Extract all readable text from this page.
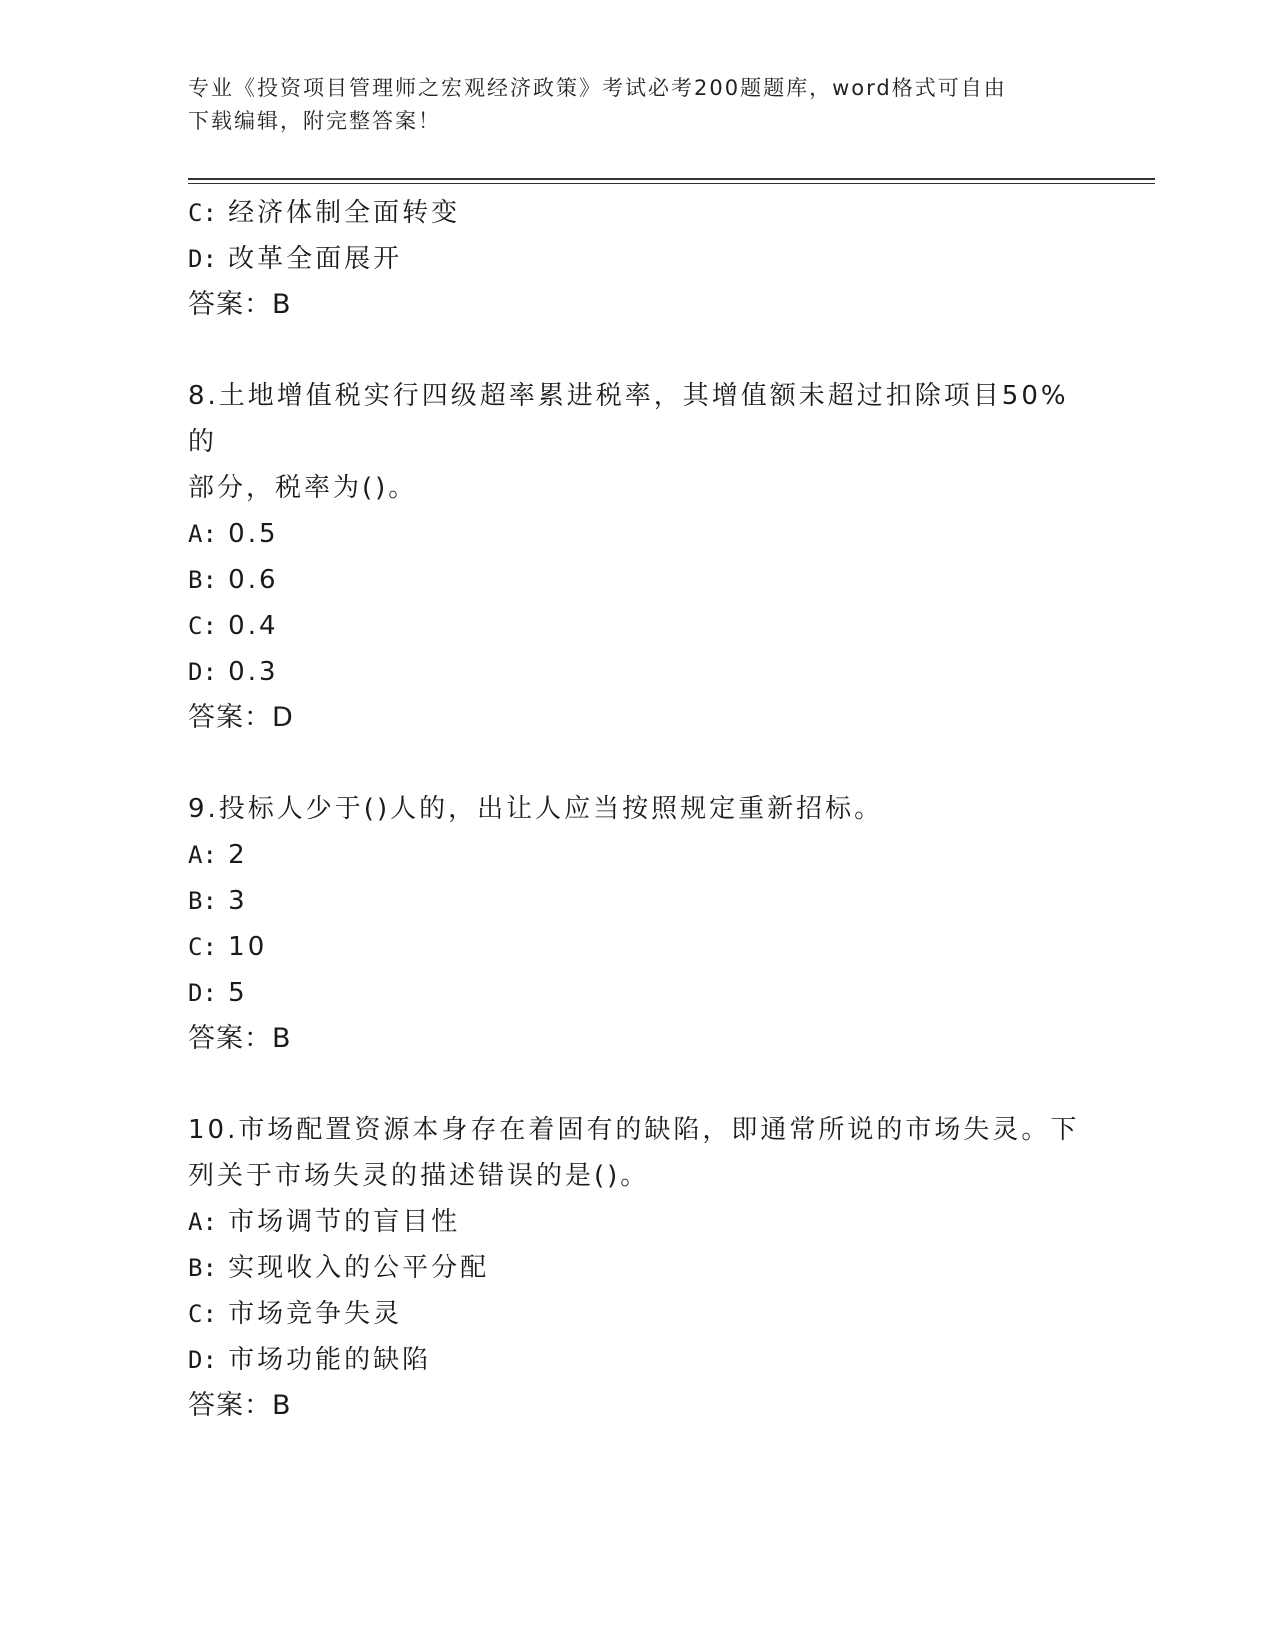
专业《投资项目管理师之宏观经济政策》考试必考200题题库，word格式可自由
下载编辑，附完整答案！
C: 经济体制全面转变
D: 改革全面展开
答案：B
8.土地增值税实行四级超率累进税率，其增值额未超过扣除项目50%的
部分，税率为()。
A: 0.5
B: 0.6
C: 0.4
D: 0.3
答案：D
9.投标人少于()人的，出让人应当按照规定重新招标。
A: 2
B: 3
C: 10
D: 5
答案：B
10.市场配置资源本身存在着固有的缺陷，即通常所说的市场失灵。下
列关于市场失灵的描述错误的是()。
A: 市场调节的盲目性
B: 实现收入的公平分配
C: 市场竞争失灵
D: 市场功能的缺陷
答案：B
